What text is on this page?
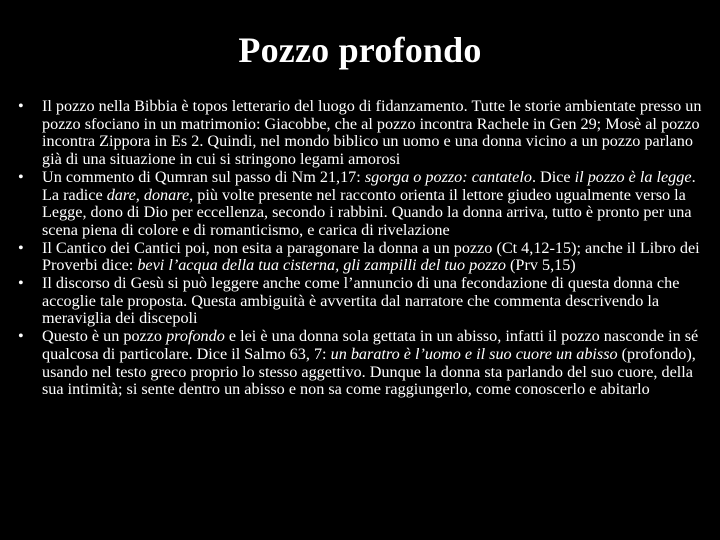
Pozzo profondo
•	Il pozzo nella Bibbia è topos letterario del luogo di fidanzamento. Tutte le storie ambientate presso un pozzo sfociano in un matrimonio: Giacobbe, che al pozzo incontra Rachele in Gen 29; Mosè al pozzo incontra Zippora in Es 2. Quindi, nel mondo biblico un uomo e una donna vicino a un pozzo parlano già di una situazione in cui si stringono legami amorosi
•	Un commento di Qumran sul passo di Nm 21,17: sgorga o pozzo: cantatelo. Dice il pozzo è la legge. La radice dare, donare, più volte presente nel racconto orienta il lettore giudeo ugualmente verso la Legge, dono di Dio per eccellenza, secondo i rabbini. Quando la donna arriva, tutto è pronto per una scena piena di colore e di romanticismo, e carica di rivelazione
•	Il Cantico dei Cantici poi, non esita a paragonare la donna a un pozzo (Ct 4,12-15); anche il Libro dei Proverbi dice: bevi l’acqua della tua cisterna, gli zampilli del tuo pozzo (Prv 5,15)
•	Il discorso di Gesù si può leggere anche come l’annuncio di una fecondazione di questa donna che accoglie tale proposta. Questa ambiguità è avvertita dal narratore che commenta descrivendo la meraviglia dei discepoli
•	Questo è un pozzo profondo e lei è una donna sola gettata in un abisso, infatti il pozzo nasconde in sé qualcosa di particolare. Dice il Salmo 63, 7: un baratro è l’uomo e il suo cuore un abisso (profondo), usando nel testo greco proprio lo stesso aggettivo. Dunque la donna sta parlando del suo cuore, della sua intimità; si sente dentro un abisso e non sa come raggiungerlo, come conoscerlo e abitarlo
